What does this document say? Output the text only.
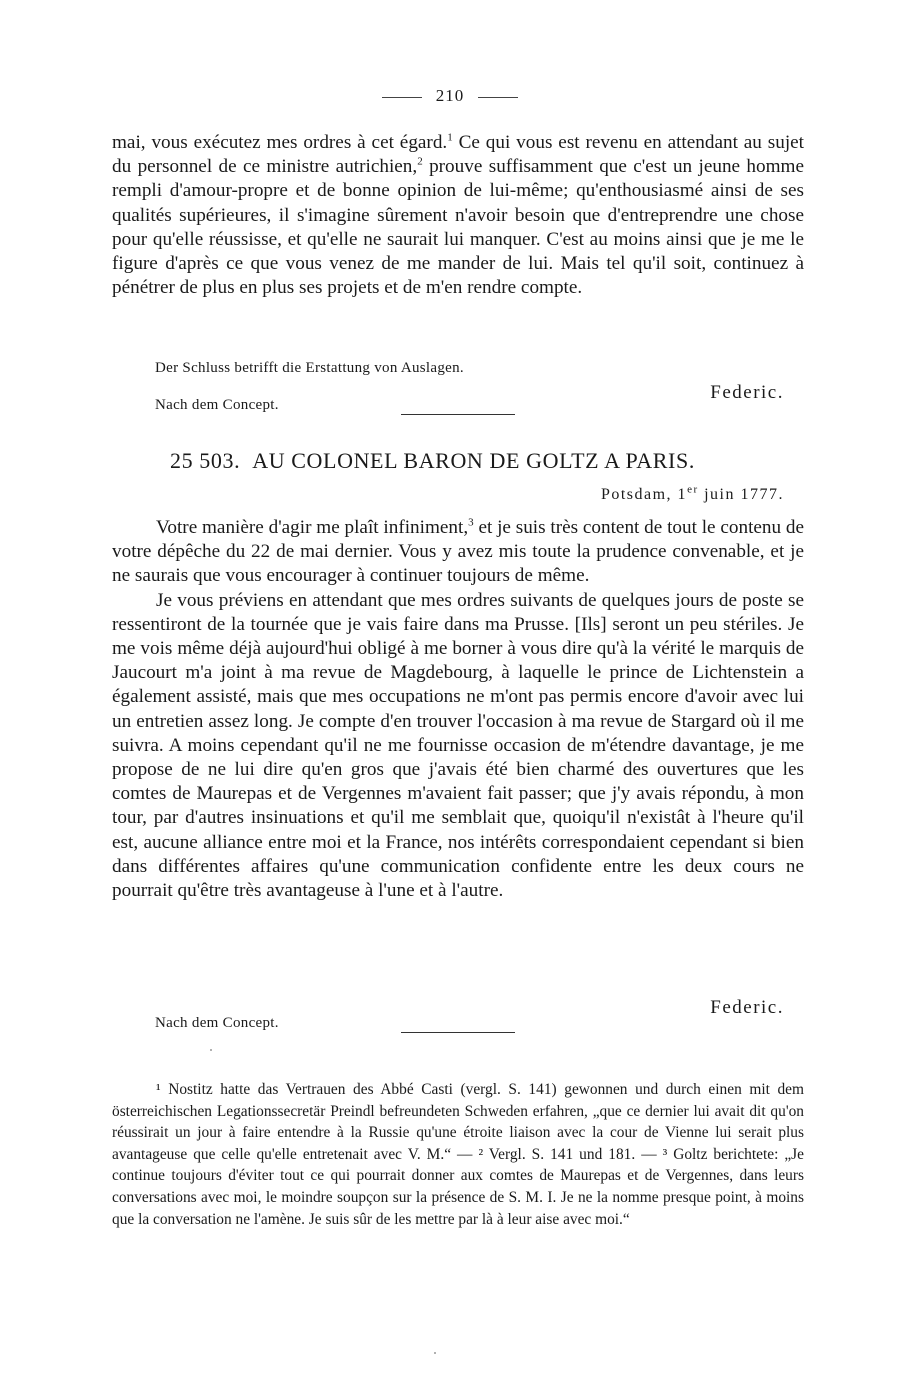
210

mai, vous exécutez mes ordres à cet égard.$^1$ Ce qui vous est revenu en attendant au sujet du personnel de ce ministre autrichien,$^2$ prouve suffisamment que c'est un jeune homme rempli d'amour-propre et de bonne opinion de lui-même; qu'enthousiasmé ainsi de ses qualités supérieures, il s'imagine sûrement n'avoir besoin que d'entreprendre une chose pour qu'elle réussisse, et qu'elle ne saurait lui manquer. C'est au moins ainsi que je me le figure d'après ce que vous venez de me mander de lui. Mais tel qu'il soit, continuez à pénétrer de plus en plus ses projets et de m'en rendre compte.

Der Schluss betrifft die Erstattung von Auslagen.
Federic.
Nach dem Concept.
25 503. AU COLONEL BARON DE GOLTZ A PARIS.
Potsdam, 1er juin 1777.

Votre manière d'agir me plaît infiniment,$^3$ et je suis très content de tout le contenu de votre dépêche du 22 de mai dernier. Vous y avez mis toute la prudence convenable, et je ne saurais que vous encourager à continuer toujours de même.

Je vous préviens en attendant que mes ordres suivants de quelques jours de poste se ressentiront de la tournée que je vais faire dans ma Prusse. [Ils] seront un peu stériles. Je me vois même déjà aujourd'hui obligé à me borner à vous dire qu'à la vérité le marquis de Jaucourt m'a joint à ma revue de Magdebourg, à laquelle le prince de Lichtenstein a également assisté, mais que mes occupations ne m'ont pas permis encore d'avoir avec lui un entretien assez long. Je compte d'en trouver l'occasion à ma revue de Stargard où il me suivra. A moins cependant qu'il ne me fournisse occasion de m'étendre davantage, je me propose de ne lui dire qu'en gros que j'avais été bien charmé des ouvertures que les comtes de Maurepas et de Vergennes m'avaient fait passer; que j'y avais répondu, à mon tour, par d'autres insinuations et qu'il me semblait que, quoiqu'il n'existât à l'heure qu'il est, aucune alliance entre moi et la France, nos intérêts correspondaient cependant si bien dans différentes affaires qu'une communication confidente entre les deux cours ne pourrait qu'être très avantageuse à l'une et à l'autre.

Federic.
Nach dem Concept.

¹ Nostitz hatte das Vertrauen des Abbé Casti (vergl. S. 141) gewonnen und durch einen mit dem österreichischen Legationssecretär Preindl befreundeten Schweden erfahren, „que ce dernier lui avait dit qu'on réussirait un jour à faire entendre à la Russie qu'une étroite liaison avec la cour de Vienne lui serait plus avantageuse que celle qu'elle entretenait avec V. M.“ — ² Vergl. S. 141 und 181. — ³ Goltz berichtete: „Je continue toujours d'éviter tout ce qui pourrait donner aux comtes de Maurepas et de Vergennes, dans leurs conversations avec moi, le moindre soupçon sur la présence de S. M. I. Je ne la nomme presque point, à moins que la conversation ne l'amène. Je suis sûr de les mettre par là à leur aise avec moi.“
